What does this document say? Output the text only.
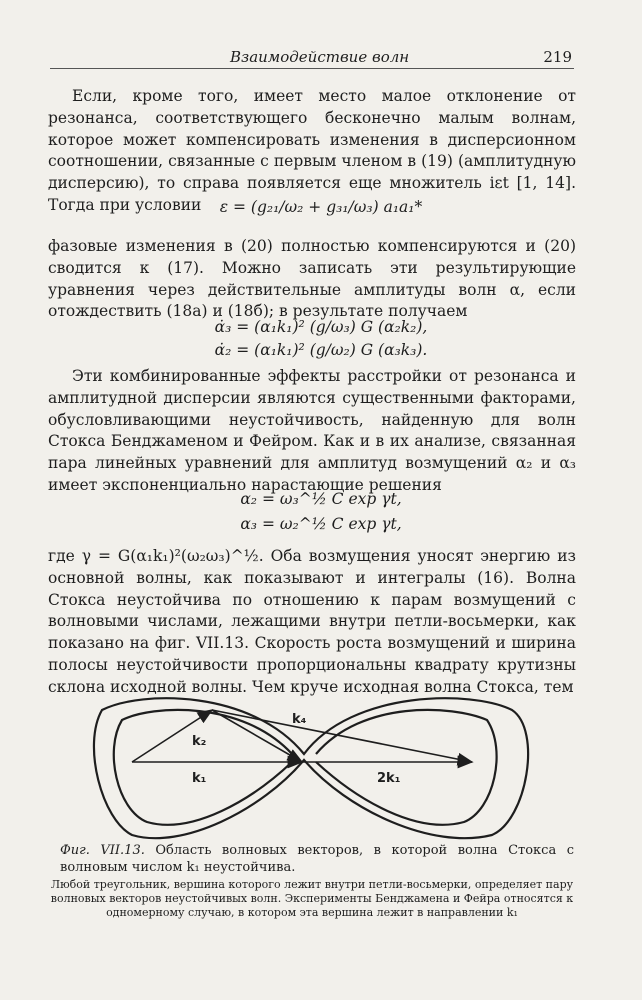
Взаимодействие волн	219

Если, кроме того, имеет место малое отклонение от резонанса, соответствующего бесконечно малым волнам, которое может компенсировать изменения в дисперсионном соотношении, связанные с первым членом в (19) (амплитудную дисперсию), то справа появляется еще множитель iεt [1, 14]. Тогда при условии	ε = (g₂₁/ω₂ + g₃₁/ω₃) a₁a₁*

фазовые изменения в (20) полностью компенсируются и (20) сводится к (17). Можно записать эти результирующие уравнения через действительные амплитуды волн α, если отождествить (18а) и (18б); в результате получаем

α̇₃ = (α₁k₁)² (g/ω₃) G (α₂k₂),
α̇₂ = (α₁k₁)² (g/ω₂) G (α₃k₃).

Эти комбинированные эффекты расстройки от резонанса и амплитудной дисперсии являются существенными факторами, обусловливающими неустойчивость, найденную для волн Стокса Бенджаменом и Фейром. Как и в их анализе, связанная пара линейных уравнений для амплитуд возмущений α₂ и α₃ имеет экспоненциально нарастающие решения

α₂ = ω₃^½ C exp γt,
α₃ = ω₂^½ C exp γt,

где γ = G(α₁k₁)²(ω₂ω₃)^½. Оба возмущения уносят энергию из основной волны, как показывают и интегралы (16). Волна Стокса неустойчива по отношению к парам возмущений с волновыми числами, лежащими внутри петли-восьмерки, как показано на фиг. VII.13. Скорость роста возмущений и ширина полосы неустойчивости пропорциональны квадрату крутизны склона исходной волны. Чем круче исходная волна Стокса, тем

k₂
k₄
k₁	2k₁
Фиг. VII.13. Область волновых векторов, в которой волна Стокса с волновым числом k₁ неустойчива.
Любой треугольник, вершина которого лежит внутри петли-восьмерки, определяет пару волновых векторов неустойчивых волн. Эксперименты Бенджамена и Фейра относятся к одномерному случаю, в котором эта вершина лежит в направлении k₁
